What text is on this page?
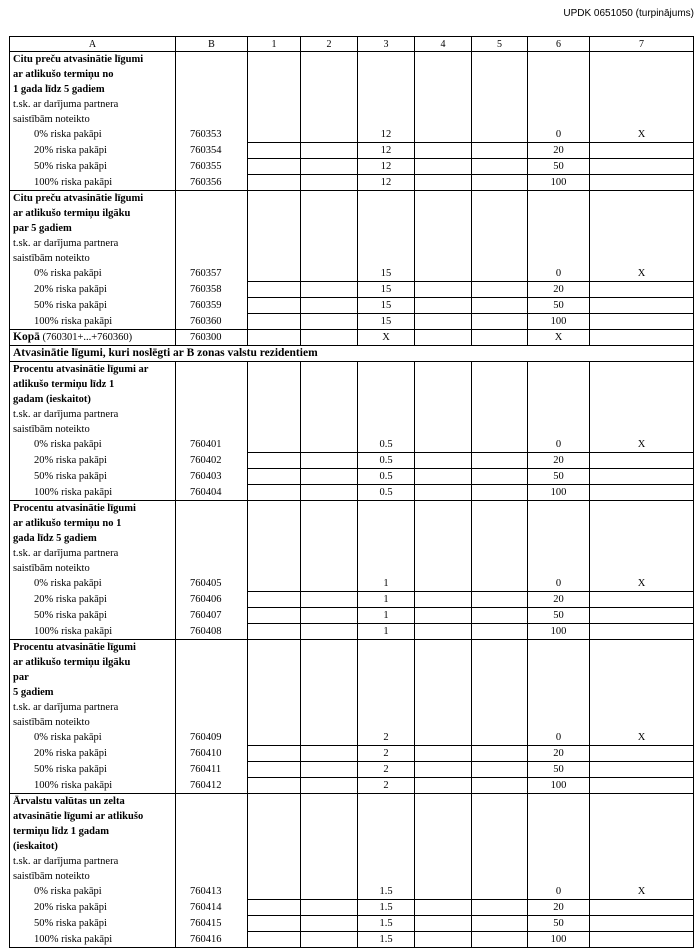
UPDK 0651050 (turpinājums)
A	B	1	2	3	4	5	6	7
Citu preču atvasinātie līgumi								
ar atlikušo termiņu no								
1 gada līdz 5 gadiem								
t.sk. ar darījuma partnera								
saistībām noteikto								
0% riska pakāpi	760353			12			0	X
20% riska pakāpi	760354			12			20	
50% riska pakāpi	760355			12			50	
100% riska pakāpi	760356			12			100	
Citu preču atvasinātie līgumi								
ar atlikušo termiņu ilgāku								
par 5 gadiem								
t.sk. ar darījuma partnera								
saistībām noteikto								
0% riska pakāpi	760357			15			0	X
20% riska pakāpi	760358			15			20	
50% riska pakāpi	760359			15			50	
100% riska pakāpi	760360			15			100	
Kopā (760301+...+760360)	760300			X			X	
Atvasinātie līgumi, kuri noslēgti ar B zonas valstu rezidentiem								
Procentu atvasinātie līgumi ar								
atlikušo termiņu līdz 1								
gadam (ieskaitot)								
t.sk. ar darījuma partnera								
saistībām noteikto								
0% riska pakāpi	760401			0.5			0	X
20% riska pakāpi	760402			0.5			20	
50% riska pakāpi	760403			0.5			50	
100% riska pakāpi	760404			0.5			100	
Procentu atvasinātie līgumi								
ar atlikušo termiņu no 1								
gada līdz 5 gadiem								
t.sk. ar darījuma partnera								
saistībām noteikto								
0% riska pakāpi	760405			1			0	X
20% riska pakāpi	760406			1			20	
50% riska pakāpi	760407			1			50	
100% riska pakāpi	760408			1			100	
Procentu atvasinātie līgumi								
ar atlikušo termiņu ilgāku								
par								
5 gadiem								
t.sk. ar darījuma partnera								
saistībām noteikto								
0% riska pakāpi	760409			2			0	X
20% riska pakāpi	760410			2			20	
50% riska pakāpi	760411			2			50	
100% riska pakāpi	760412			2			100	
Ārvalstu valūtas un zelta								
atvasinātie līgumi ar atlikušo								
termiņu līdz 1 gadam								
(ieskaitot)								
t.sk. ar darījuma partnera								
saistībām noteikto								
0% riska pakāpi	760413			1.5			0	X
20% riska pakāpi	760414			1.5			20	
50% riska pakāpi	760415			1.5			50	
100% riska pakāpi	760416			1.5			100	
